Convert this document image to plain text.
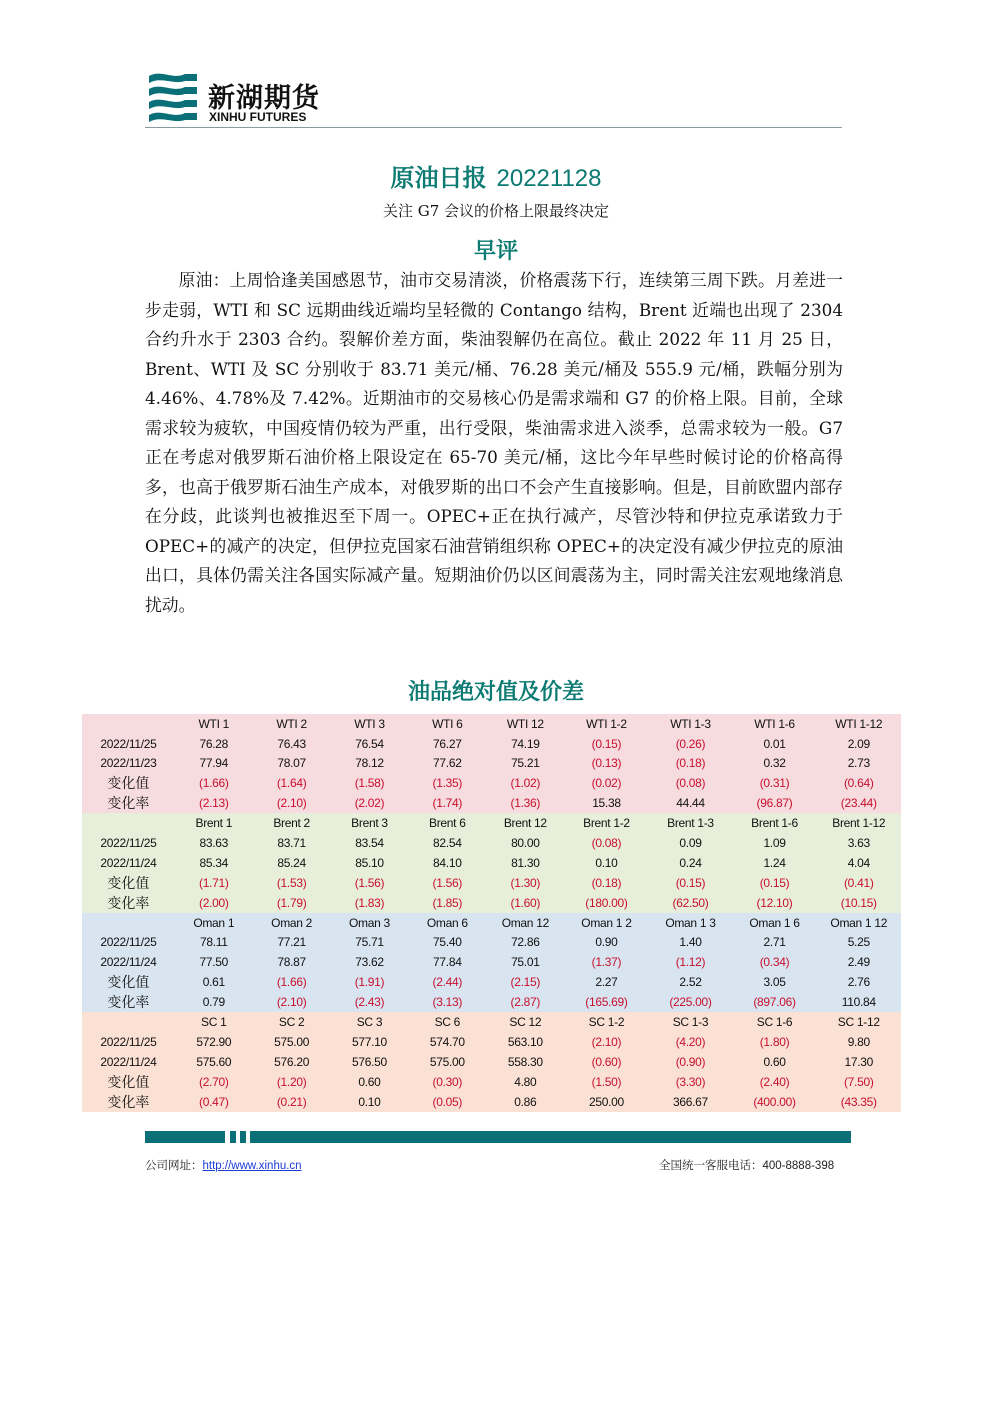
新湖期货
XINHU FUTURES
原油日报 20221128
关注 G7 会议的价格上限最终决定
早评

原油：上周恰逢美国感恩节，油市交易清淡，价格震荡下行，连续第三周下跌。月差进一步走弱，WTI 和 SC 远期曲线近端均呈轻微的 Contango 结构，Brent 近端也出现了 2304 合约升水于 2303 合约。裂解价差方面，柴油裂解仍在高位。截止 2022 年 11 月 25 日，Brent、WTI 及 SC 分别收于 83.71 美元/桶、76.28 美元/桶及 555.9 元/桶，跌幅分别为 4.46%、4.78%及 7.42%。近期油市的交易核心仍是需求端和 G7 的价格上限。目前，全球需求较为疲软，中国疫情仍较为严重，出行受限，柴油需求进入淡季，总需求较为一般。G7 正在考虑对俄罗斯石油价格上限设定在 65-70 美元/桶，这比今年早些时候讨论的价格高得多，也高于俄罗斯石油生产成本，对俄罗斯的出口不会产生直接影响。但是，目前欧盟内部存在分歧，此谈判也被推迟至下周一。OPEC+正在执行减产，尽管沙特和伊拉克承诺致力于 OPEC+的减产的决定，但伊拉克国家石油营销组织称 OPEC+的决定没有减少伊拉克的原油出口，具体仍需关注各国实际减产量。短期油价仍以区间震荡为主，同时需关注宏观地缘消息扰动。

油品绝对值及价差
	WTI 1	WTI 2	WTI 3	WTI 6	WTI 12	WTI 1-2	WTI 1-3	WTI 1-6	WTI 1-12
2022/11/25	76.28	76.43	76.54	76.27	74.19	(0.15)	(0.26)	0.01	2.09
2022/11/23	77.94	78.07	78.12	77.62	75.21	(0.13)	(0.18)	0.32	2.73
变化值	(1.66)	(1.64)	(1.58)	(1.35)	(1.02)	(0.02)	(0.08)	(0.31)	(0.64)
变化率	(2.13)	(2.10)	(2.02)	(1.74)	(1.36)	15.38	44.44	(96.87)	(23.44)
	Brent 1	Brent 2	Brent 3	Brent 6	Brent 12	Brent 1-2	Brent 1-3	Brent 1-6	Brent 1-12
2022/11/25	83.63	83.71	83.54	82.54	80.00	(0.08)	0.09	1.09	3.63
2022/11/24	85.34	85.24	85.10	84.10	81.30	0.10	0.24	1.24	4.04
变化值	(1.71)	(1.53)	(1.56)	(1.56)	(1.30)	(0.18)	(0.15)	(0.15)	(0.41)
变化率	(2.00)	(1.79)	(1.83)	(1.85)	(1.60)	(180.00)	(62.50)	(12.10)	(10.15)
	Oman 1	Oman 2	Oman 3	Oman 6	Oman 12	Oman 1 2	Oman 1 3	Oman 1 6	Oman 1 12
2022/11/25	78.11	77.21	75.71	75.40	72.86	0.90	1.40	2.71	5.25
2022/11/24	77.50	78.87	73.62	77.84	75.01	(1.37)	(1.12)	(0.34)	2.49
变化值	0.61	(1.66)	(1.91)	(2.44)	(2.15)	2.27	2.52	3.05	2.76
变化率	0.79	(2.10)	(2.43)	(3.13)	(2.87)	(165.69)	(225.00)	(897.06)	110.84
	SC 1	SC 2	SC 3	SC 6	SC 12	SC 1-2	SC 1-3	SC 1-6	SC 1-12
2022/11/25	572.90	575.00	577.10	574.70	563.10	(2.10)	(4.20)	(1.80)	9.80
2022/11/24	575.60	576.20	576.50	575.00	558.30	(0.60)	(0.90)	0.60	17.30
变化值	(2.70)	(1.20)	0.60	(0.30)	4.80	(1.50)	(3.30)	(2.40)	(7.50)
变化率	(0.47)	(0.21)	0.10	(0.05)	0.86	250.00	366.67	(400.00)	(43.35)
公司网址：http://www.xinhu.cn	全国统一客服电话：400-8888-398
